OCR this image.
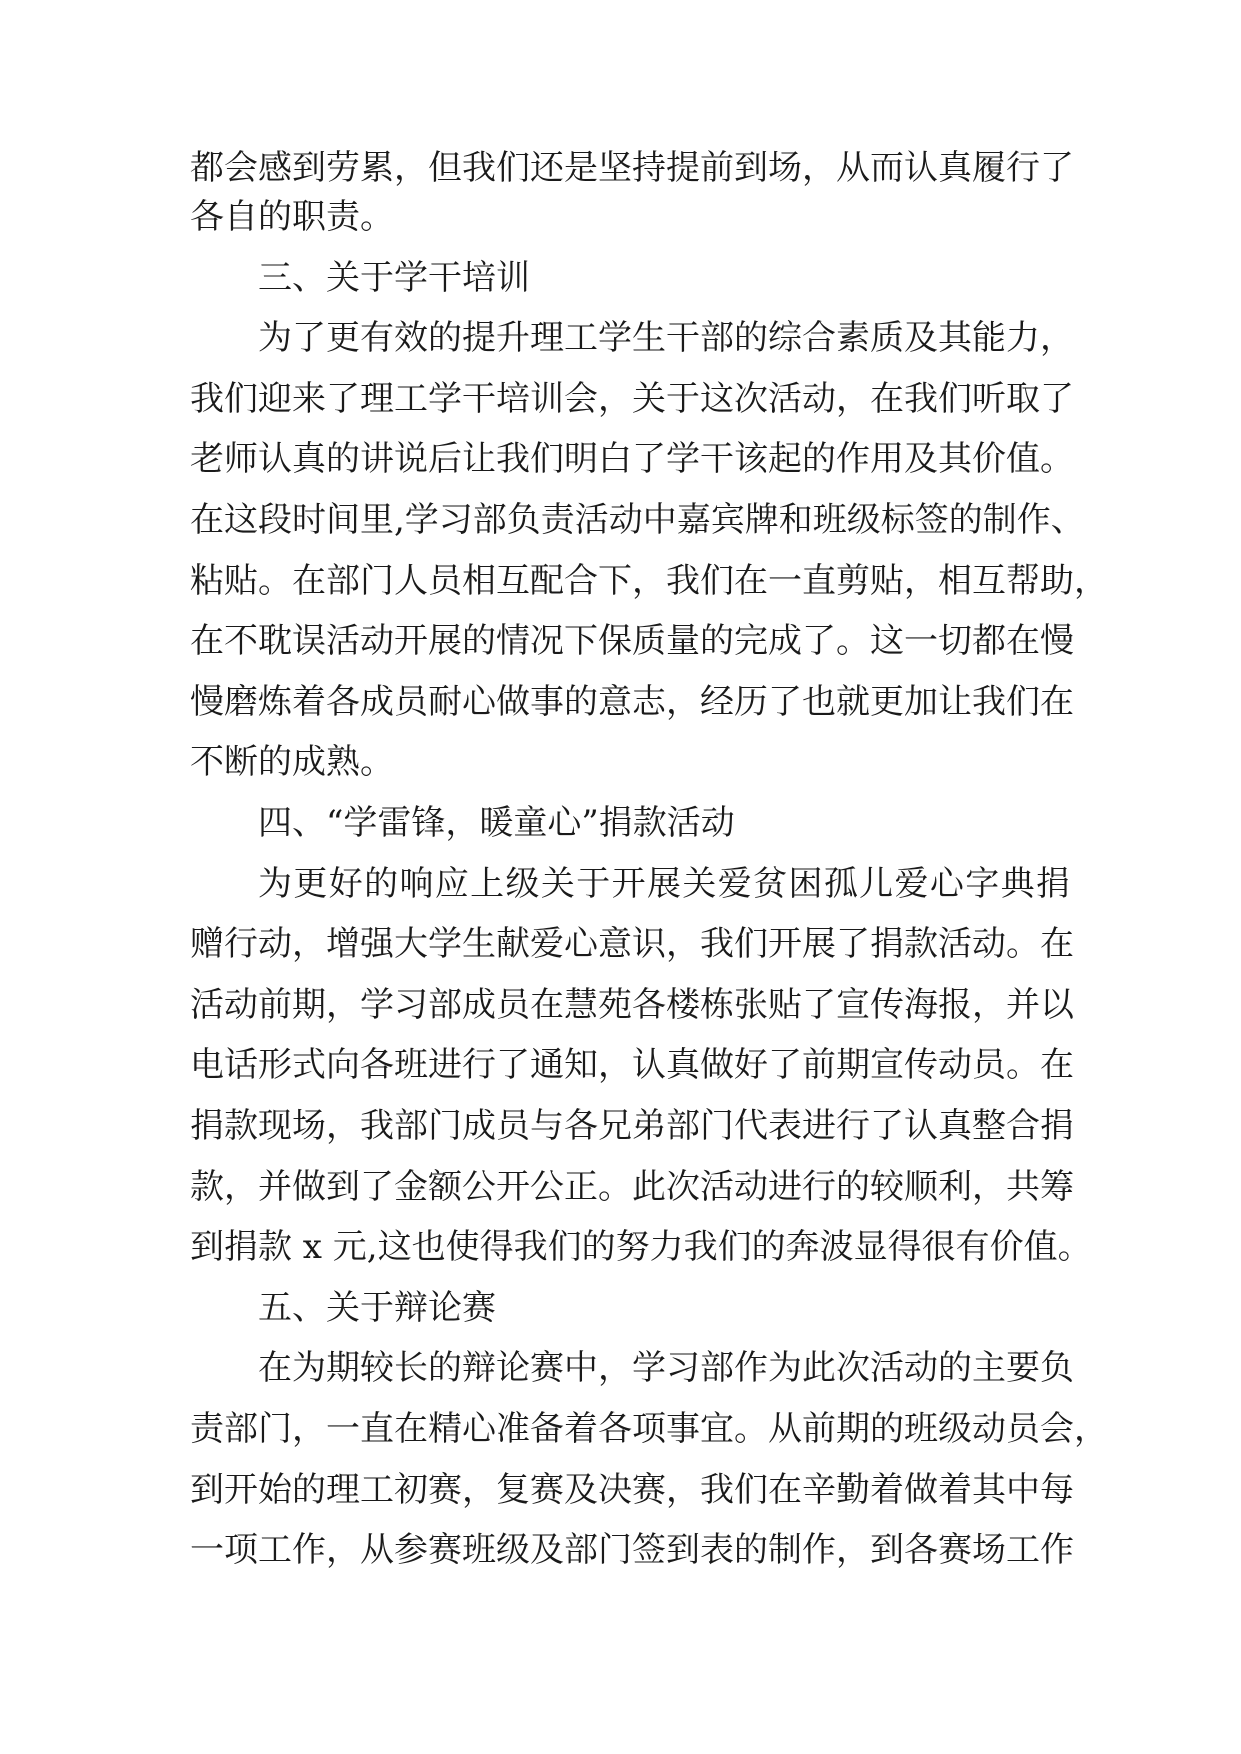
都会感到劳累，但我们还是坚持提前到场，从而认真履行了
各自的职责。
三、关于学干培训
为了更有效的提升理工学生干部的综合素质及其能力，
我们迎来了理工学干培训会，关于这次活动，在我们听取了
老师认真的讲说后让我们明白了学干该起的作用及其价值。
在这段时间里,学习部负责活动中嘉宾牌和班级标签的制作、
粘贴。在部门人员相互配合下，我们在一直剪贴，相互帮助，
在不耽误活动开展的情况下保质量的完成了。这一切都在慢
慢磨炼着各成员耐心做事的意志，经历了也就更加让我们在
不断的成熟。
四、“学雷锋，暖童心”捐款活动
为更好的响应上级关于开展关爱贫困孤儿爱心字典捐
赠行动，增强大学生献爱心意识，我们开展了捐款活动。在
活动前期，学习部成员在慧苑各楼栋张贴了宣传海报，并以
电话形式向各班进行了通知，认真做好了前期宣传动员。在
捐款现场，我部门成员与各兄弟部门代表进行了认真整合捐
款，并做到了金额公开公正。此次活动进行的较顺利，共筹
到捐款 x 元,这也使得我们的努力我们的奔波显得很有价值。
五、关于辩论赛
在为期较长的辩论赛中，学习部作为此次活动的主要负
责部门，一直在精心准备着各项事宜。从前期的班级动员会，
到开始的理工初赛，复赛及决赛，我们在辛勤着做着其中每
一项工作，从参赛班级及部门签到表的制作，到各赛场工作
